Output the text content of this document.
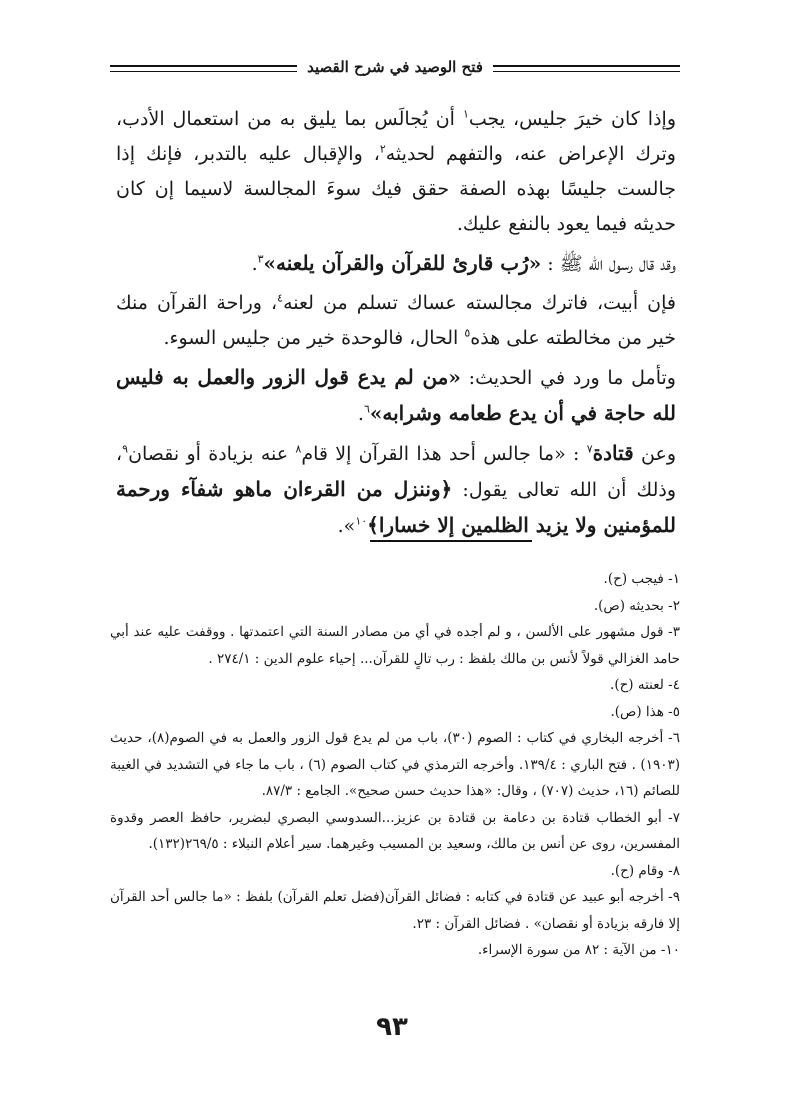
فتح الوصيد في شرح القصيد

وإذا كان خيرَ جليس، يجب$^١$ أن يُجالَس بما يليق به من استعمال الأدب، وترك الإعراض عنه، والتفهم لحديثه$^٢$، والإقبال عليه بالتدبر، فإنك إذا جالست جليسًا بهذه الصفة حقق فيك سوءَ المجالسة لاسيما إن كان حديثه فيما يعود بالنفع عليك.

وقد قال رسول الله ﷺ : «رُب قارئ للقرآن والقرآن يلعنه»$^٣$.

فإن أبيت، فاترك مجالسته عساك تسلم من لعنه$^٤$، وراحة القرآن منك خير من مخالطته على هذه$^٥$ الحال، فالوحدة خير من جليس السوء.

وتأمل ما ورد في الحديث: «من لم يدع قول الزور والعمل به فليس لله حاجة في أن يدع طعامه وشرابه»$^٦$.

وعن قتادة$^٧$ : «ما جالس أحد هذا القرآن إلا قام$^٨$ عنه بزيادة أو نقصان$^٩$، وذلك أن الله تعالى يقول: ﴿وننزل من القرءان ماهو شفآء ورحمة للمؤمنين ولا يزيد الظلمين إلا خسارا﴾$^{١٠}$».

١- فيجب (ح).

٢- بحديثه (ص).

٣- قول مشهور على الألسن ، و لم أجده في أي من مصادر السنة التي اعتمدتها . ووقفت عليه عند أبي حامد الغزالي قولاً لأنس بن مالك بلفظ : رب تالٍ للقرآن... إحياء علوم الدين : ٢٧٤/١ .

٤- لعنته (ح).

٥- هذا (ص).

٦- أخرجه البخاري في كتاب : الصوم (٣٠)، باب من لم يدع قول الزور والعمل به في الصوم(٨)، حديث (١٩٠٣) . فتح الباري : ١٣٩/٤. وأخرجه الترمذي في كتاب الصوم (٦) ، باب ما جاء في التشديد في الغيبة للصائم (١٦، حديث (٧٠٧) ، وقال: «هذا حديث حسن صحيح». الجامع : ٨٧/٣.

٧- أبو الخطاب قتادة بن دعامة بن قتادة بن عزيز...السدوسي البصري لبضرير، حافظ العصر وقدوة المفسرين، روى عن أنس بن مالك، وسعيد بن المسيب وغيرهما. سير أعلام النبلاء : ٢٦٩/٥(١٣٢).

٨- وقام (ح).

٩- أخرجه أبو عبيد عن قتادة في كتابه : فضائل القرآن(فضل تعلم القرآن) بلفظ : «ما جالس أحد القرآن إلا فارقه بزيادة أو نقصان» . فضائل القرآن : ٢٣.

١٠- من الآية : ٨٢ من سورة الإسراء.

٩٣
